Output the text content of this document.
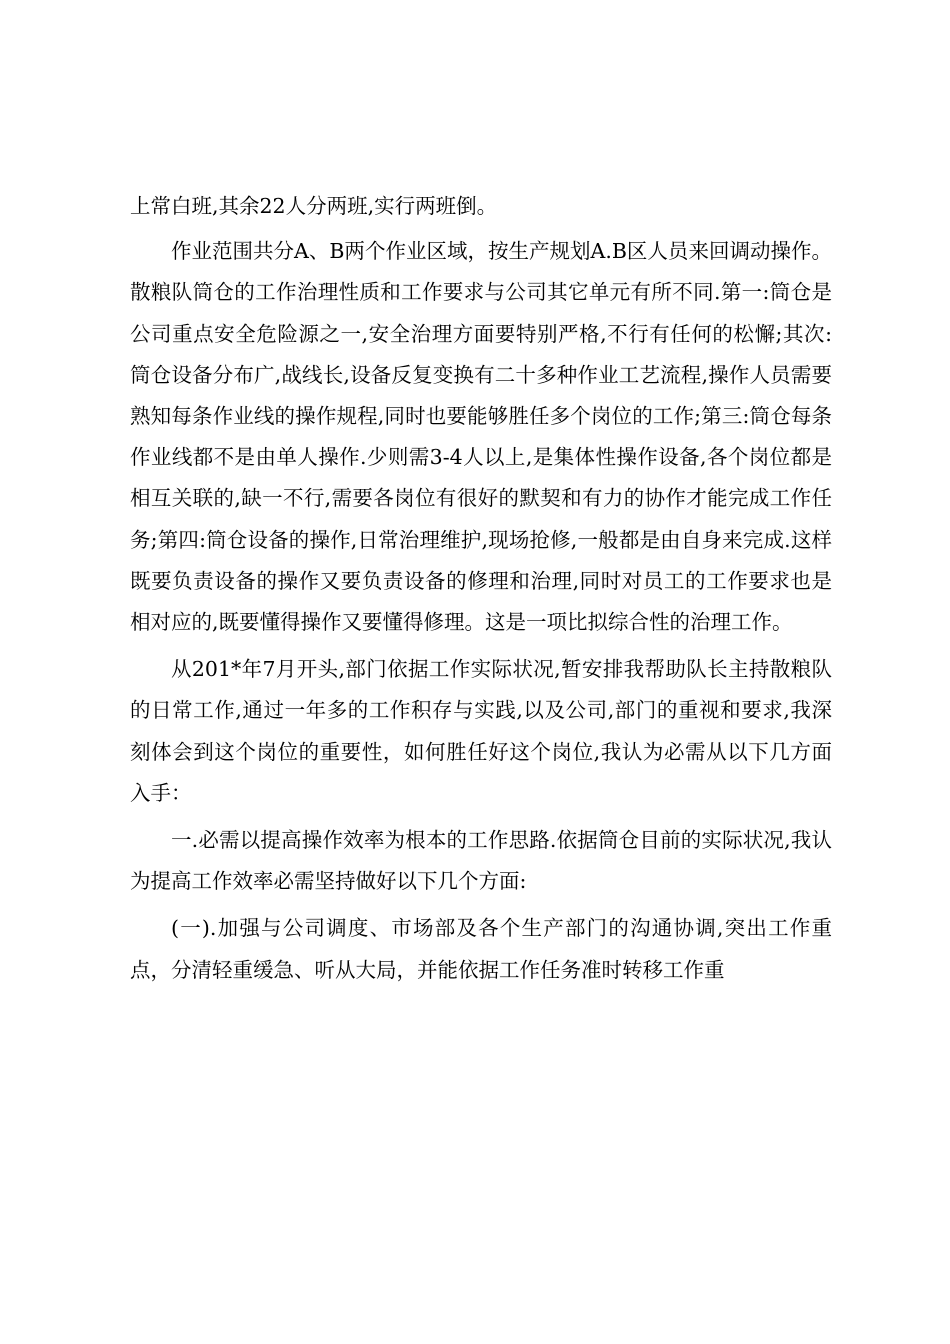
上常白班,其余22人分两班,实行两班倒。

作业范围共分A、B两个作业区域，按生产规划A.B区人员来回调动操作。散粮队筒仓的工作治理性质和工作要求与公司其它单元有所不同.第一:筒仓是公司重点安全危险源之一,安全治理方面要特别严格,不行有任何的松懈;其次:筒仓设备分布广,战线长,设备反复变换有二十多种作业工艺流程,操作人员需要熟知每条作业线的操作规程,同时也要能够胜任多个岗位的工作;第三:筒仓每条作业线都不是由单人操作.少则需3-4人以上,是集体性操作设备,各个岗位都是相互关联的,缺一不行,需要各岗位有很好的默契和有力的协作才能完成工作任务;第四:筒仓设备的操作,日常治理维护,现场抢修,一般都是由自身来完成.这样既要负责设备的操作又要负责设备的修理和治理,同时对员工的工作要求也是相对应的,既要懂得操作又要懂得修理。这是一项比拟综合性的治理工作。

从201*年7月开头,部门依据工作实际状况,暂安排我帮助队长主持散粮队的日常工作,通过一年多的工作积存与实践,以及公司,部门的重视和要求,我深刻体会到这个岗位的重要性，如何胜任好这个岗位,我认为必需从以下几方面入手：

一.必需以提高操作效率为根本的工作思路.依据筒仓目前的实际状况,我认为提高工作效率必需坚持做好以下几个方面:

(一).加强与公司调度、市场部及各个生产部门的沟通协调,突出工作重点，分清轻重缓急、听从大局，并能依据工作任务准时转移工作重
